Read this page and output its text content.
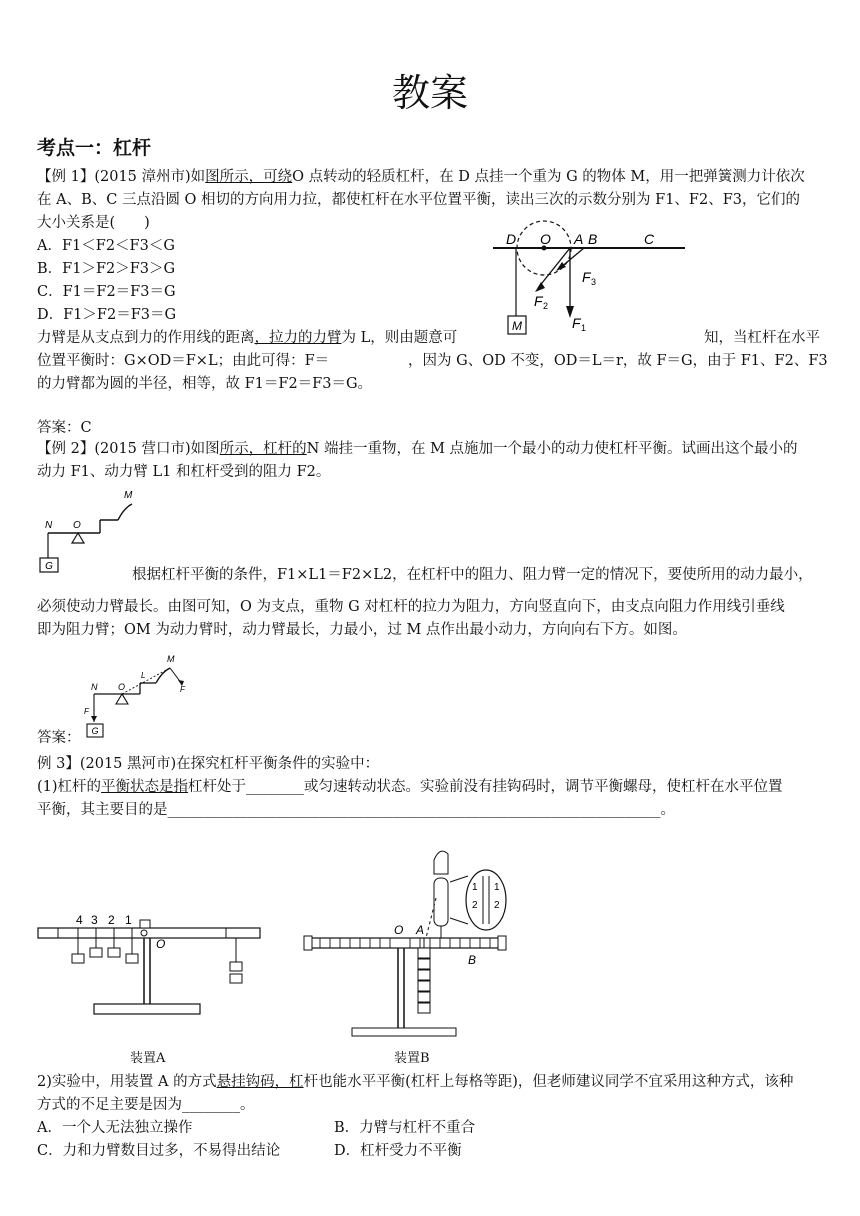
教案
考点一：杠杆
【例 1】(2015 漳州市)如图所示，可绕O 点转动的轻质杠杆，在 D 点挂一个重为 G 的物体 M，用一把弹簧测力计依次
在 A、B、C 三点沿圆 O 相切的方向用力拉，都使杠杆在水平位置平衡，读出三次的示数分别为 F1、F2、F3，它们的
大小关系是(　　)
A．F1＜F2＜F3＜G
B．F1＞F2＞F3＞G
C．F1＝F2＝F3＝G
D．F1＞F2＝F3＝G
力臂是从支点到力的作用线的距离，拉力的力臂为 L，则由题意可	知，当杠杆在水平
位置平衡时：G×OD＝F×L；由此可得：F＝	，因为 G、OD 不变，OD＝L＝r，故 F＝G，由于 F1、F2、F3
的力臂都为圆的半径，相等，故 F1＝F2＝F3＝G。
答案：C
M
D O A B	C
F 1
F 2
F 3
【例 2】(2015 营口市)如图所示，杠杆的N 端挂一重物，在 M 点施加一个最小的动力使杠杆平衡。试画出这个最小的
动力 F1、动力臂 L1 和杠杆受到的阻力 F2。
G
N O
M
根据杠杆平衡的条件，F1×L1＝F2×L2，在杠杆中的阻力、阻力臂一定的情况下，要使所用的动力最小，
必须使动力臂最长。由图可知，O 为支点，重物 G 对杠杆的拉力为阻力，方向竖直向下，由支点向阻力作用线引垂线
即为阻力臂；OM 为动力臂时，动力臂最长，力最小，过 M 点作出最小动力，方向向右下方。如图。
答案： G
N O
M
F
L
F
例 3】(2015 黑河市)在探究杠杆平衡条件的实验中：
(1)杠杆的平衡状态是指杠杆处于________或匀速转动状态。实验前没有挂钩码时，调节平衡螺母，使杠杆在水平位置
平衡，其主要目的是____________________________________________________________________。
4 3 2 1
O
1
2
1
2
O A
B
装置A	装置B
2)实验中，用装置 A 的方式悬挂钩码，杠杆也能水平平衡(杠杆上每格等距)，但老师建议同学不宜采用这种方式，该种
方式的不足主要是因为________。
A．一个人无法独立操作	B．力臂与杠杆不重合
C．力和力臂数目过多，不易得出结论	D．杠杆受力不平衡
